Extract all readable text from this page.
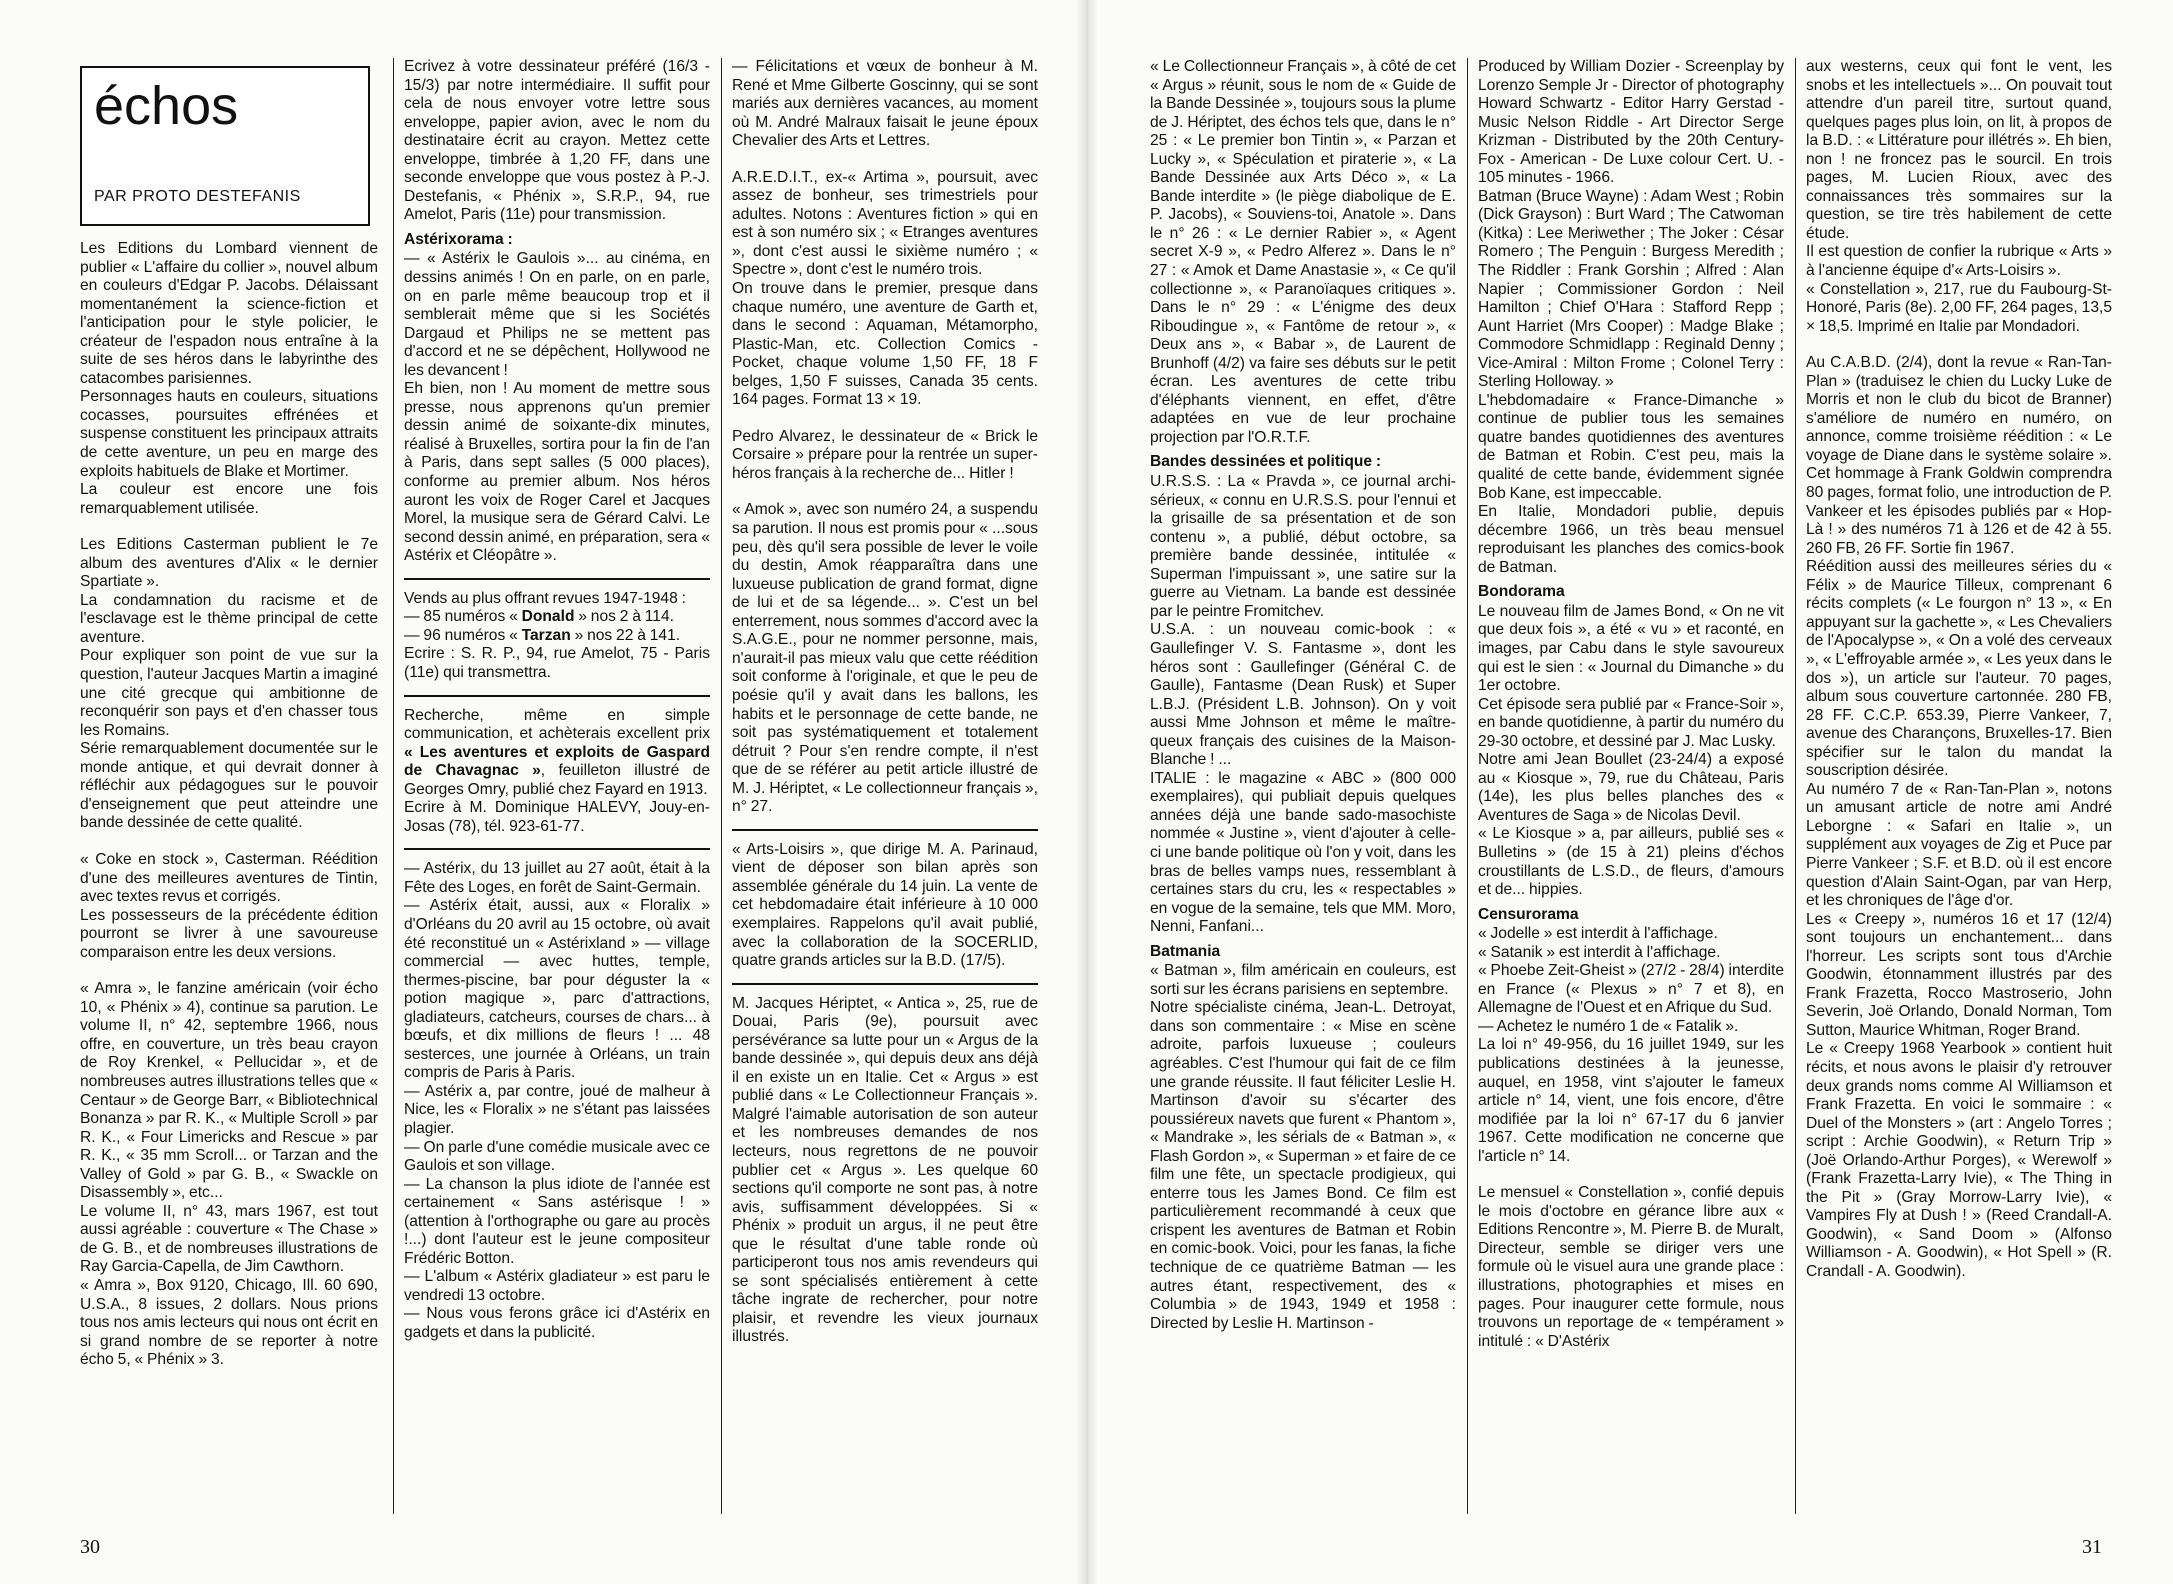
échos
PAR PROTO DESTEFANIS

Les Editions du Lombard viennent de publier « L'affaire du collier », nouvel album en couleurs d'Edgar P. Jacobs. Délaissant momentanément la science-fiction et l'anticipation pour le style policier, le créateur de l'espadon nous entraîne à la suite de ses héros dans le labyrinthe des catacombes parisiennes.

Personnages hauts en couleurs, situations cocasses, poursuites effrénées et suspense constituent les principaux attraits de cette aventure, un peu en marge des exploits habituels de Blake et Mortimer.

La couleur est encore une fois remarquablement utilisée.

Les Editions Casterman publient le 7e album des aventures d'Alix « le dernier Spartiate ».

La condamnation du racisme et de l'esclavage est le thème principal de cette aventure.

Pour expliquer son point de vue sur la question, l'auteur Jacques Martin a imaginé une cité grecque qui ambitionne de reconquérir son pays et d'en chasser tous les Romains.

Série remarquablement documentée sur le monde antique, et qui devrait donner à réfléchir aux pédagogues sur le pouvoir d'enseignement que peut atteindre une bande dessinée de cette qualité.

« Coke en stock », Casterman. Réédition d'une des meilleures aventures de Tintin, avec textes revus et corrigés.

Les possesseurs de la précédente édition pourront se livrer à une savoureuse comparaison entre les deux versions.

« Amra », le fanzine américain (voir écho 10, « Phénix » 4), continue sa parution. Le volume II, n° 42, septembre 1966, nous offre, en couverture, un très beau crayon de Roy Krenkel, « Pellucidar », et de nombreuses autres illustrations telles que « Centaur » de George Barr, « Bibliotechnical Bonanza » par R. K., « Multiple Scroll » par R. K., « Four Limericks and Rescue » par R. K., « 35 mm Scroll... or Tarzan and the Valley of Gold » par G. B., « Swackle on Disassembly », etc...

Le volume II, n° 43, mars 1967, est tout aussi agréable : couverture « The Chase » de G. B., et de nombreuses illustrations de Ray Garcia-Capella, de Jim Cawthorn.

« Amra », Box 9120, Chicago, Ill. 60 690, U.S.A., 8 issues, 2 dollars. Nous prions tous nos amis lecteurs qui nous ont écrit en si grand nombre de se reporter à notre écho 5, « Phénix » 3.

Ecrivez à votre dessinateur préféré (16/3 - 15/3) par notre intermédiaire. Il suffit pour cela de nous envoyer votre lettre sous enveloppe, papier avion, avec le nom du destinataire écrit au crayon. Mettez cette enveloppe, timbrée à 1,20 FF, dans une seconde enveloppe que vous postez à P.-J. Destefanis, « Phénix », S.R.P., 94, rue Amelot, Paris (11e) pour transmission.

Astérixorama :

— « Astérix le Gaulois »... au cinéma, en dessins animés ! On en parle, on en parle, on en parle même beaucoup trop et il semblerait même que si les Sociétés Dargaud et Philips ne se mettent pas d'accord et ne se dépêchent, Hollywood ne les devancent !

Eh bien, non ! Au moment de mettre sous presse, nous apprenons qu'un premier dessin animé de soixante-dix minutes, réalisé à Bruxelles, sortira pour la fin de l'an à Paris, dans sept salles (5 000 places), conforme au premier album. Nos héros auront les voix de Roger Carel et Jacques Morel, la musique sera de Gérard Calvi. Le second dessin animé, en préparation, sera « Astérix et Cléopâtre ».

Vends au plus offrant revues 1947-1948 :
— 85 numéros « Donald » nos 2 à 114.
— 96 numéros « Tarzan » nos 22 à 141.
Ecrire : S. R. P., 94, rue Amelot, 75 - Paris (11e) qui transmettra.

Recherche, même en simple communication, et achèterais excellent prix « Les aventures et exploits de Gaspard de Chavagnac », feuilleton illustré de Georges Omry, publié chez Fayard en 1913.
Ecrire à M. Dominique HALEVY, Jouy-en-Josas (78), tél. 923-61-77.

— Astérix, du 13 juillet au 27 août, était à la Fête des Loges, en forêt de Saint-Germain.

— Astérix était, aussi, aux « Floralix » d'Orléans du 20 avril au 15 octobre, où avait été reconstitué un « Astérixland » — village commercial — avec huttes, temple, thermes-piscine, bar pour déguster la « potion magique », parc d'attractions, gladiateurs, catcheurs, courses de chars... à bœufs, et dix millions de fleurs ! ... 48 sesterces, une journée à Orléans, un train compris de Paris à Paris.

— Astérix a, par contre, joué de malheur à Nice, les « Floralix » ne s'étant pas laissées plagier.

— On parle d'une comédie musicale avec ce Gaulois et son village.

— La chanson la plus idiote de l'année est certainement « Sans astérisque ! » (attention à l'orthographe ou gare au procès !...) dont l'auteur est le jeune compositeur Frédéric Botton.

— L'album « Astérix gladiateur » est paru le vendredi 13 octobre.

— Nous vous ferons grâce ici d'Astérix en gadgets et dans la publicité.

— Félicitations et vœux de bonheur à M. René et Mme Gilberte Goscinny, qui se sont mariés aux dernières vacances, au moment où M. André Malraux faisait le jeune époux Chevalier des Arts et Lettres.

A.R.E.D.I.T., ex-« Artima », poursuit, avec assez de bonheur, ses trimestriels pour adultes. Notons : Aventures fiction » qui en est à son numéro six ; « Etranges aventures », dont c'est aussi le sixième numéro ; « Spectre », dont c'est le numéro trois.

On trouve dans le premier, presque dans chaque numéro, une aventure de Garth et, dans le second : Aquaman, Métamorpho, Plastic-Man, etc. Collection Comics - Pocket, chaque volume 1,50 FF, 18 F belges, 1,50 F suisses, Canada 35 cents. 164 pages. Format 13 × 19.

Pedro Alvarez, le dessinateur de « Brick le Corsaire » prépare pour la rentrée un super-héros français à la recherche de... Hitler !

« Amok », avec son numéro 24, a suspendu sa parution. Il nous est promis pour « ...sous peu, dès qu'il sera possible de lever le voile du destin, Amok réapparaîtra dans une luxueuse publication de grand format, digne de lui et de sa légende... ». C'est un bel enterrement, nous sommes d'accord avec la S.A.G.E., pour ne nommer personne, mais, n'aurait-il pas mieux valu que cette réédition soit conforme à l'originale, et que le peu de poésie qu'il y avait dans les ballons, les habits et le personnage de cette bande, ne soit pas systématiquement et totalement détruit ? Pour s'en rendre compte, il n'est que de se référer au petit article illustré de M. J. Hériptet, « Le collectionneur français », n° 27.

« Arts-Loisirs », que dirige M. A. Parinaud, vient de déposer son bilan après son assemblée générale du 14 juin. La vente de cet hebdomadaire était inférieure à 10 000 exemplaires. Rappelons qu'il avait publié, avec la collaboration de la SOCERLID, quatre grands articles sur la B.D. (17/5).

M. Jacques Hériptet, « Antica », 25, rue de Douai, Paris (9e), poursuit avec persévérance sa lutte pour un « Argus de la bande dessinée », qui depuis deux ans déjà il en existe un en Italie. Cet « Argus » est publié dans « Le Collectionneur Français ». Malgré l'aimable autorisation de son auteur et les nombreuses demandes de nos lecteurs, nous regrettons de ne pouvoir publier cet « Argus ». Les quelque 60 sections qu'il comporte ne sont pas, à notre avis, suffisamment développées. Si « Phénix » produit un argus, il ne peut être que le résultat d'une table ronde où participeront tous nos amis revendeurs qui se sont spécialisés entièrement à cette tâche ingrate de rechercher, pour notre plaisir, et revendre les vieux journaux illustrés.

« Le Collectionneur Français », à côté de cet « Argus » réunit, sous le nom de « Guide de la Bande Dessinée », toujours sous la plume de J. Hériptet, des échos tels que, dans le n° 25 : « Le premier bon Tintin », « Parzan et Lucky », « Spéculation et piraterie », « La Bande Dessinée aux Arts Déco », « La Bande interdite » (le piège diabolique de E. P. Jacobs), « Souviens-toi, Anatole ». Dans le n° 26 : « Le dernier Rabier », « Agent secret X-9 », « Pedro Alferez ». Dans le n° 27 : « Amok et Dame Anastasie », « Ce qu'il collectionne », « Paranoïaques critiques ». Dans le n° 29 : « L'énigme des deux Riboudingue », « Fantôme de retour », « Deux ans », « Babar », de Laurent de Brunhoff (4/2) va faire ses débuts sur le petit écran. Les aventures de cette tribu d'éléphants viennent, en effet, d'être adaptées en vue de leur prochaine projection par l'O.R.T.F.

Bandes dessinées et politique :

U.R.S.S. : La « Pravda », ce journal archi-sérieux, « connu en U.R.S.S. pour l'ennui et la grisaille de sa présentation et de son contenu », a publié, début octobre, sa première bande dessinée, intitulée « Superman l'impuissant », une satire sur la guerre au Vietnam. La bande est dessinée par le peintre Fromitchev.

U.S.A. : un nouveau comic-book : « Gaullefinger V. S. Fantasme », dont les héros sont : Gaullefinger (Général C. de Gaulle), Fantasme (Dean Rusk) et Super L.B.J. (Président L.B. Johnson). On y voit aussi Mme Johnson et même le maître-queux français des cuisines de la Maison-Blanche ! ...

ITALIE : le magazine « ABC » (800 000 exemplaires), qui publiait depuis quelques années déjà une bande sado-masochiste nommée « Justine », vient d'ajouter à celle-ci une bande politique où l'on y voit, dans les bras de belles vamps nues, ressemblant à certaines stars du cru, les « respectables » en vogue de la semaine, tels que MM. Moro, Nenni, Fanfani...

Batmania

« Batman », film américain en couleurs, est sorti sur les écrans parisiens en septembre.

Notre spécialiste cinéma, Jean-L. Detroyat, dans son commentaire : « Mise en scène adroite, parfois luxueuse ; couleurs agréables. C'est l'humour qui fait de ce film une grande réussite. Il faut féliciter Leslie H. Martinson d'avoir su s'écarter des poussiéreux navets que furent « Phantom », « Mandrake », les sérials de « Batman », « Flash Gordon », « Superman » et faire de ce film une fête, un spectacle prodigieux, qui enterre tous les James Bond. Ce film est particulièrement recommandé à ceux que crispent les aventures de Batman et Robin en comic-book. Voici, pour les fanas, la fiche technique de ce quatrième Batman — les autres étant, respectivement, des « Columbia » de 1943, 1949 et 1958 : Directed by Leslie H. Martinson -

Produced by William Dozier - Screenplay by Lorenzo Semple Jr - Director of photography Howard Schwartz - Editor Harry Gerstad - Music Nelson Riddle - Art Director Serge Krizman - Distributed by the 20th Century-Fox - American - De Luxe colour Cert. U. - 105 minutes - 1966.

Batman (Bruce Wayne) : Adam West ; Robin (Dick Grayson) : Burt Ward ; The Catwoman (Kitka) : Lee Meriwether ; The Joker : César Romero ; The Penguin : Burgess Meredith ; The Riddler : Frank Gorshin ; Alfred : Alan Napier ; Commissioner Gordon : Neil Hamilton ; Chief O'Hara : Stafford Repp ; Aunt Harriet (Mrs Cooper) : Madge Blake ; Commodore Schmidlapp : Reginald Denny ; Vice-Amiral : Milton Frome ; Colonel Terry : Sterling Holloway. »

L'hebdomadaire « France-Dimanche » continue de publier tous les semaines quatre bandes quotidiennes des aventures de Batman et Robin. C'est peu, mais la qualité de cette bande, évidemment signée Bob Kane, est impeccable.

En Italie, Mondadori publie, depuis décembre 1966, un très beau mensuel reproduisant les planches des comics-book de Batman.

Bondorama

Le nouveau film de James Bond, « On ne vit que deux fois », a été « vu » et raconté, en images, par Cabu dans le style savoureux qui est le sien : « Journal du Dimanche » du 1er octobre.

Cet épisode sera publié par « France-Soir », en bande quotidienne, à partir du numéro du 29-30 octobre, et dessiné par J. Mac Lusky.

Notre ami Jean Boullet (23-24/4) a exposé au « Kiosque », 79, rue du Château, Paris (14e), les plus belles planches des « Aventures de Saga » de Nicolas Devil.

« Le Kiosque » a, par ailleurs, publié ses « Bulletins » (de 15 à 21) pleins d'échos croustillants de L.S.D., de fleurs, d'amours et de... hippies.

Censurorama

« Jodelle » est interdit à l'affichage.

« Satanik » est interdit à l'affichage.

« Phoebe Zeit-Gheist » (27/2 - 28/4) interdite en France (« Plexus » n° 7 et 8), en Allemagne de l'Ouest et en Afrique du Sud.

— Achetez le numéro 1 de « Fatalik ».

La loi n° 49-956, du 16 juillet 1949, sur les publications destinées à la jeunesse, auquel, en 1958, vint s'ajouter le fameux article n° 14, vient, une fois encore, d'être modifiée par la loi n° 67-17 du 6 janvier 1967. Cette modification ne concerne que l'article n° 14.

Le mensuel « Constellation », confié depuis le mois d'octobre en gérance libre aux « Editions Rencontre », M. Pierre B. de Muralt, Directeur, semble se diriger vers une formule où le visuel aura une grande place : illustrations, photographies et mises en pages. Pour inaugurer cette formule, nous trouvons un reportage de « tempérament » intitulé : « D'Astérix

aux westerns, ceux qui font le vent, les snobs et les intellectuels »... On pouvait tout attendre d'un pareil titre, surtout quand, quelques pages plus loin, on lit, à propos de la B.D. : « Littérature pour illétrés ». Eh bien, non ! ne froncez pas le sourcil. En trois pages, M. Lucien Rioux, avec des connaissances très sommaires sur la question, se tire très habilement de cette étude.

Il est question de confier la rubrique « Arts » à l'ancienne équipe d'« Arts-Loisirs ».

« Constellation », 217, rue du Faubourg-St-Honoré, Paris (8e). 2,00 FF, 264 pages, 13,5 × 18,5. Imprimé en Italie par Mondadori.

Au C.A.B.D. (2/4), dont la revue « Ran-Tan-Plan » (traduisez le chien du Lucky Luke de Morris et non le club du bicot de Branner) s'améliore de numéro en numéro, on annonce, comme troisième réédition : « Le voyage de Diane dans le système solaire ». Cet hommage à Frank Goldwin comprendra 80 pages, format folio, une introduction de P. Vankeer et les épisodes publiés par « Hop-Là ! » des numéros 71 à 126 et de 42 à 55. 260 FB, 26 FF. Sortie fin 1967.

Réédition aussi des meilleures séries du « Félix » de Maurice Tilleux, comprenant 6 récits complets (« Le fourgon n° 13 », « En appuyant sur la gachette », « Les Chevaliers de l'Apocalypse », « On a volé des cerveaux », « L'effroyable armée », « Les yeux dans le dos »), un article sur l'auteur. 70 pages, album sous couverture cartonnée. 280 FB, 28 FF. C.C.P. 653.39, Pierre Vankeer, 7, avenue des Charançons, Bruxelles-17. Bien spécifier sur le talon du mandat la souscription désirée.

Au numéro 7 de « Ran-Tan-Plan », notons un amusant article de notre ami André Leborgne : « Safari en Italie », un supplément aux voyages de Zig et Puce par Pierre Vankeer ; S.F. et B.D. où il est encore question d'Alain Saint-Ogan, par van Herp, et les chroniques de l'âge d'or.

Les « Creepy », numéros 16 et 17 (12/4) sont toujours un enchantement... dans l'horreur. Les scripts sont tous d'Archie Goodwin, étonnamment illustrés par des Frank Frazetta, Rocco Mastroserio, John Severin, Joë Orlando, Donald Norman, Tom Sutton, Maurice Whitman, Roger Brand.

Le « Creepy 1968 Yearbook » contient huit récits, et nous avons le plaisir d'y retrouver deux grands noms comme Al Williamson et Frank Frazetta. En voici le sommaire : « Duel of the Monsters » (art : Angelo Torres ; script : Archie Goodwin), « Return Trip » (Joë Orlando-Arthur Porges), « Werewolf » (Frank Frazetta-Larry Ivie), « The Thing in the Pit » (Gray Morrow-Larry Ivie), « Vampires Fly at Dush ! » (Reed Crandall-A. Goodwin), « Sand Doom » (Alfonso Williamson - A. Goodwin), « Hot Spell » (R. Crandall - A. Goodwin).

30	31
